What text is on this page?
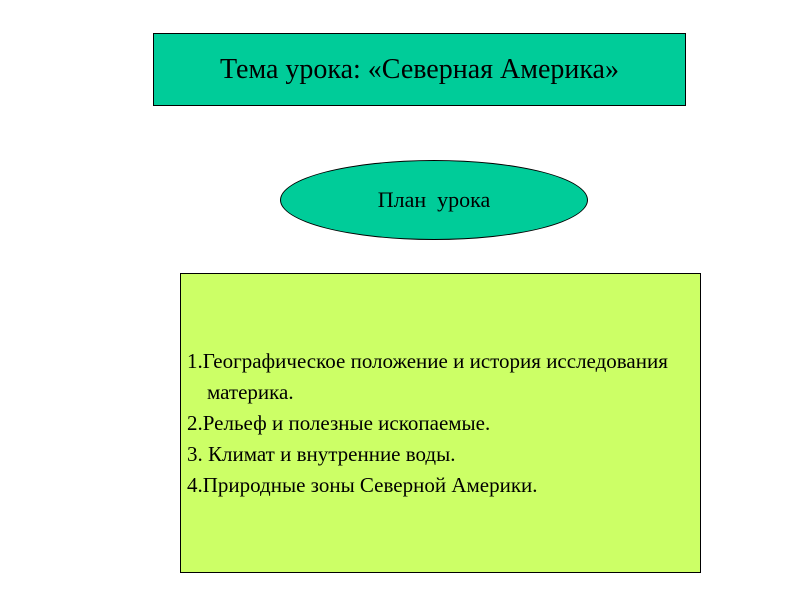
Тема урока: «Северная Америка»
План  урока

1.Географическое положение и история исследования материка.

2.Рельеф и полезные ископаемые.

3. Климат и внутренние воды.

4.Природные зоны Северной Америки.
